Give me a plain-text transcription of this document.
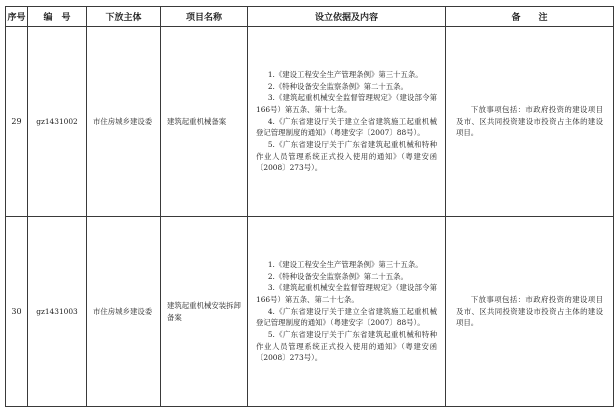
序号	编　号	下放主体	项目名称	设立依据及内容	备　　注
29	gz1431002	市住房城乡建设委	建筑起重机械备案	1.《建设工程安全生产管理条例》第三十五条。
2.《特种设备安全监察条例》第二十五条。
3.《建筑起重机械安全监督管理规定》（建设部令第166号）第五条、第十七条。
4.《广东省建设厅关于建立全省建筑施工起重机械登记管理制度的通知》（粤建安字〔2007〕88号）。
5.《广东省建设厅关于广东省建筑起重机械和特种作业人员管理系统正式投入使用的通知》（粤建安函〔2008〕273号）。	下放事项包括：市政府投资的建设项目及市、区共同投资建设市投资占主体的建设项目。

30	gz1431003	市住房城乡建设委	建筑起重机械安装拆卸备案	1.《建设工程安全生产管理条例》第三十五条。
2.《特种设备安全监察条例》第二十五条。
3.《建筑起重机械安全监督管理规定》（建设部令第166号）第五条、第二十七条。
4.《广东省建设厅关于建立全省建筑施工起重机械登记管理制度的通知》（粤建安字〔2007〕88号）。
5.《广东省建设厅关于广东省建筑起重机械和特种作业人员管理系统正式投入使用的通知》（粤建安函〔2008〕273号）。	下放事项包括：市政府投资的建设项目及市、区共同投资建设市投资占主体的建设项目。
